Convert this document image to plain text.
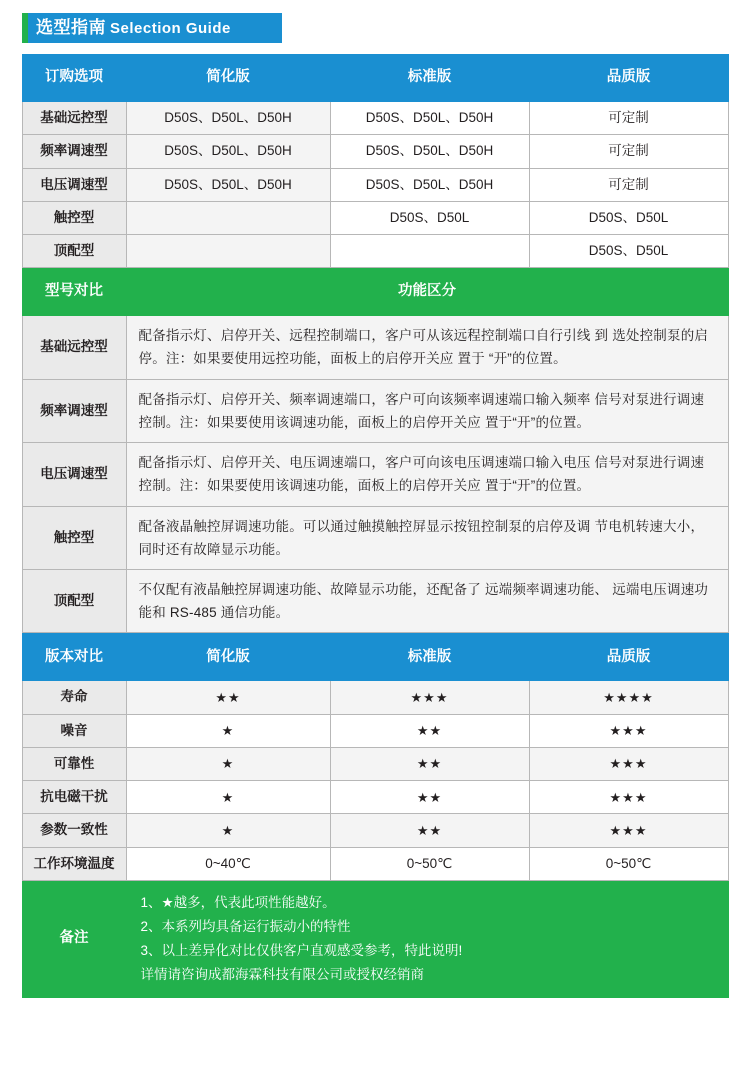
选型指南 Selection Guide
订购选项	简化版	标准版	品质版
基础远控型	D50S、D50L、D50H	D50S、D50L、D50H	可定制
频率调速型	D50S、D50L、D50H	D50S、D50L、D50H	可定制
电压调速型	D50S、D50L、D50H	D50S、D50L、D50H	可定制
触控型		D50S、D50L	D50S、D50L
顶配型			D50S、D50L
型号对比	功能区分
基础远控型	配备指示灯、启停开关、远程控制端口，客户可从该远程控制端口自行引线 到 选处控制泵的启停。注：如果要使用远控功能，面板上的启停开关应 置于 “开”的位置。
频率调速型	配备指示灯、启停开关、频率调速端口，客户可向该频率调速端口输入频率 信号对泵进行调速控制。注：如果要使用该调速功能，面板上的启停开关应 置于“开”的位置。
电压调速型	配备指示灯、启停开关、电压调速端口，客户可向该电压调速端口输入电压 信号对泵进行调速控制。注：如果要使用该调速功能，面板上的启停开关应 置于“开”的位置。
触控型	配备液晶触控屏调速功能。可以通过触摸触控屏显示按钮控制泵的启停及调 节电机转速大小，同时还有故障显示功能。
顶配型	不仅配有液晶触控屏调速功能、故障显示功能，还配备了 远端频率调速功能、 远端电压调速功能和 RS-485 通信功能。
版本对比	简化版	标准版	品质版
寿命	★★	★★★	★★★★
噪音	★	★★	★★★
可靠性	★	★★	★★★
抗电磁干扰	★	★★	★★★
参数一致性	★	★★	★★★
工作环境温度	0~40℃	0~50℃	0~50℃
备注	1、★越多，代表此项性能越好。
2、本系列均具备运行振动小的特性
3、以上差异化对比仅供客户直观感受参考，特此说明!
详情请咨询成都海霖科技有限公司或授权经销商		
